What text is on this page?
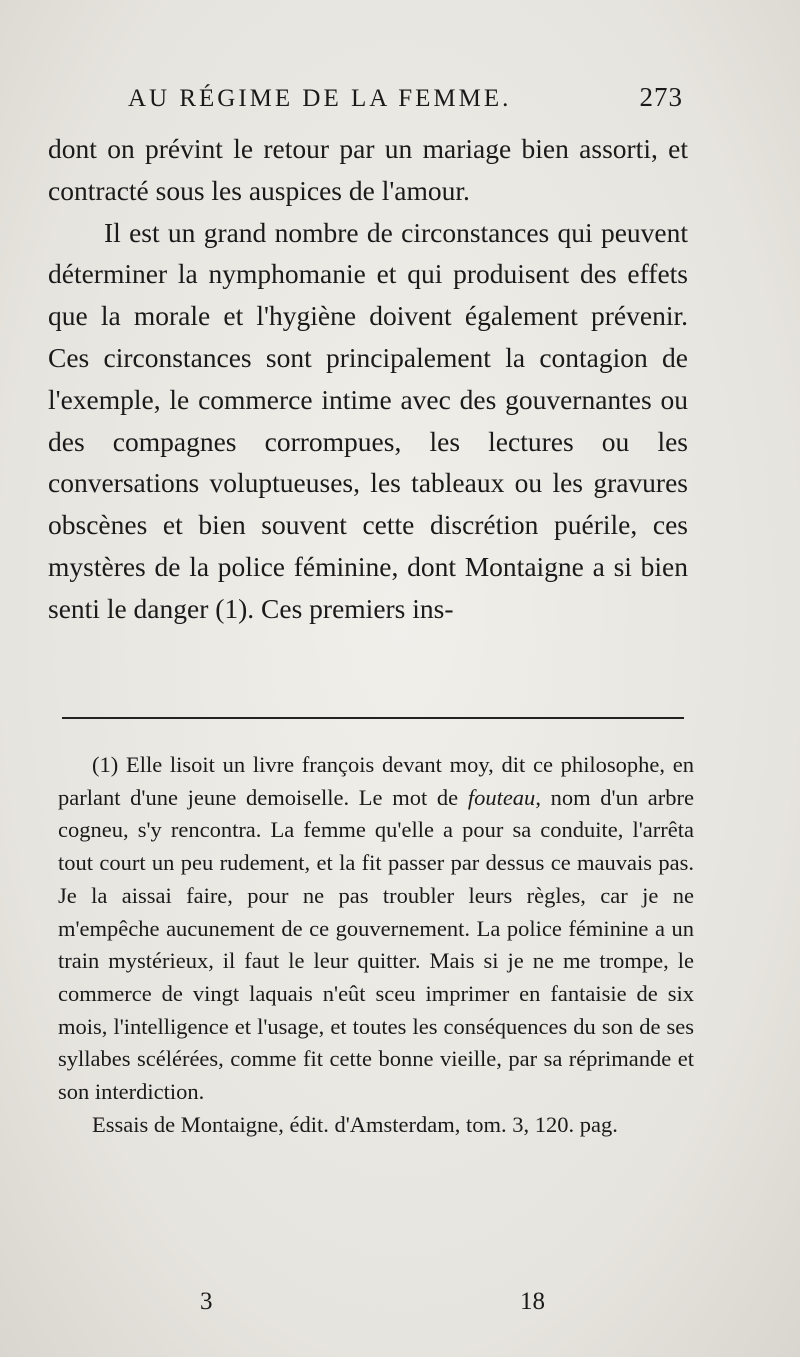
AU RÉGIME DE LA FEMME.	273

dont on prévint le retour par un mariage bien assorti, et contracté sous les auspices de l'amour.

Il est un grand nombre de circonstances qui peuvent déterminer la nymphomanie et qui produisent des effets que la morale et l'hygiène doivent également prévenir. Ces circonstances sont principalement la contagion de l'exemple, le commerce intime avec des gouvernantes ou des compagnes corrompues, les lectures ou les conversations voluptueuses, les tableaux ou les gravures obscènes et bien souvent cette discrétion puérile, ces mystères de la police féminine, dont Montaigne a si bien senti le danger (1). Ces premiers ins-

(1) Elle lisoit un livre françois devant moy, dit ce philosophe, en parlant d'une jeune demoiselle. Le mot de fouteau, nom d'un arbre cogneu, s'y rencontra. La femme qu'elle a pour sa conduite, l'arrêta tout court un peu rudement, et la fit passer par dessus ce mauvais pas. Je la aissai faire, pour ne pas troubler leurs règles, car je ne m'empêche aucunement de ce gouvernement. La police féminine a un train mystérieux, il faut le leur quitter. Mais si je ne me trompe, le commerce de vingt laquais n'eût sceu imprimer en fantaisie de six mois, l'intelligence et l'usage, et toutes les conséquences du son de ses syllabes scélérées, comme fit cette bonne vieille, par sa réprimande et son interdiction.

Essais de Montaigne, édit. d'Amsterdam, tom. 3, 120. pag.

3	18
